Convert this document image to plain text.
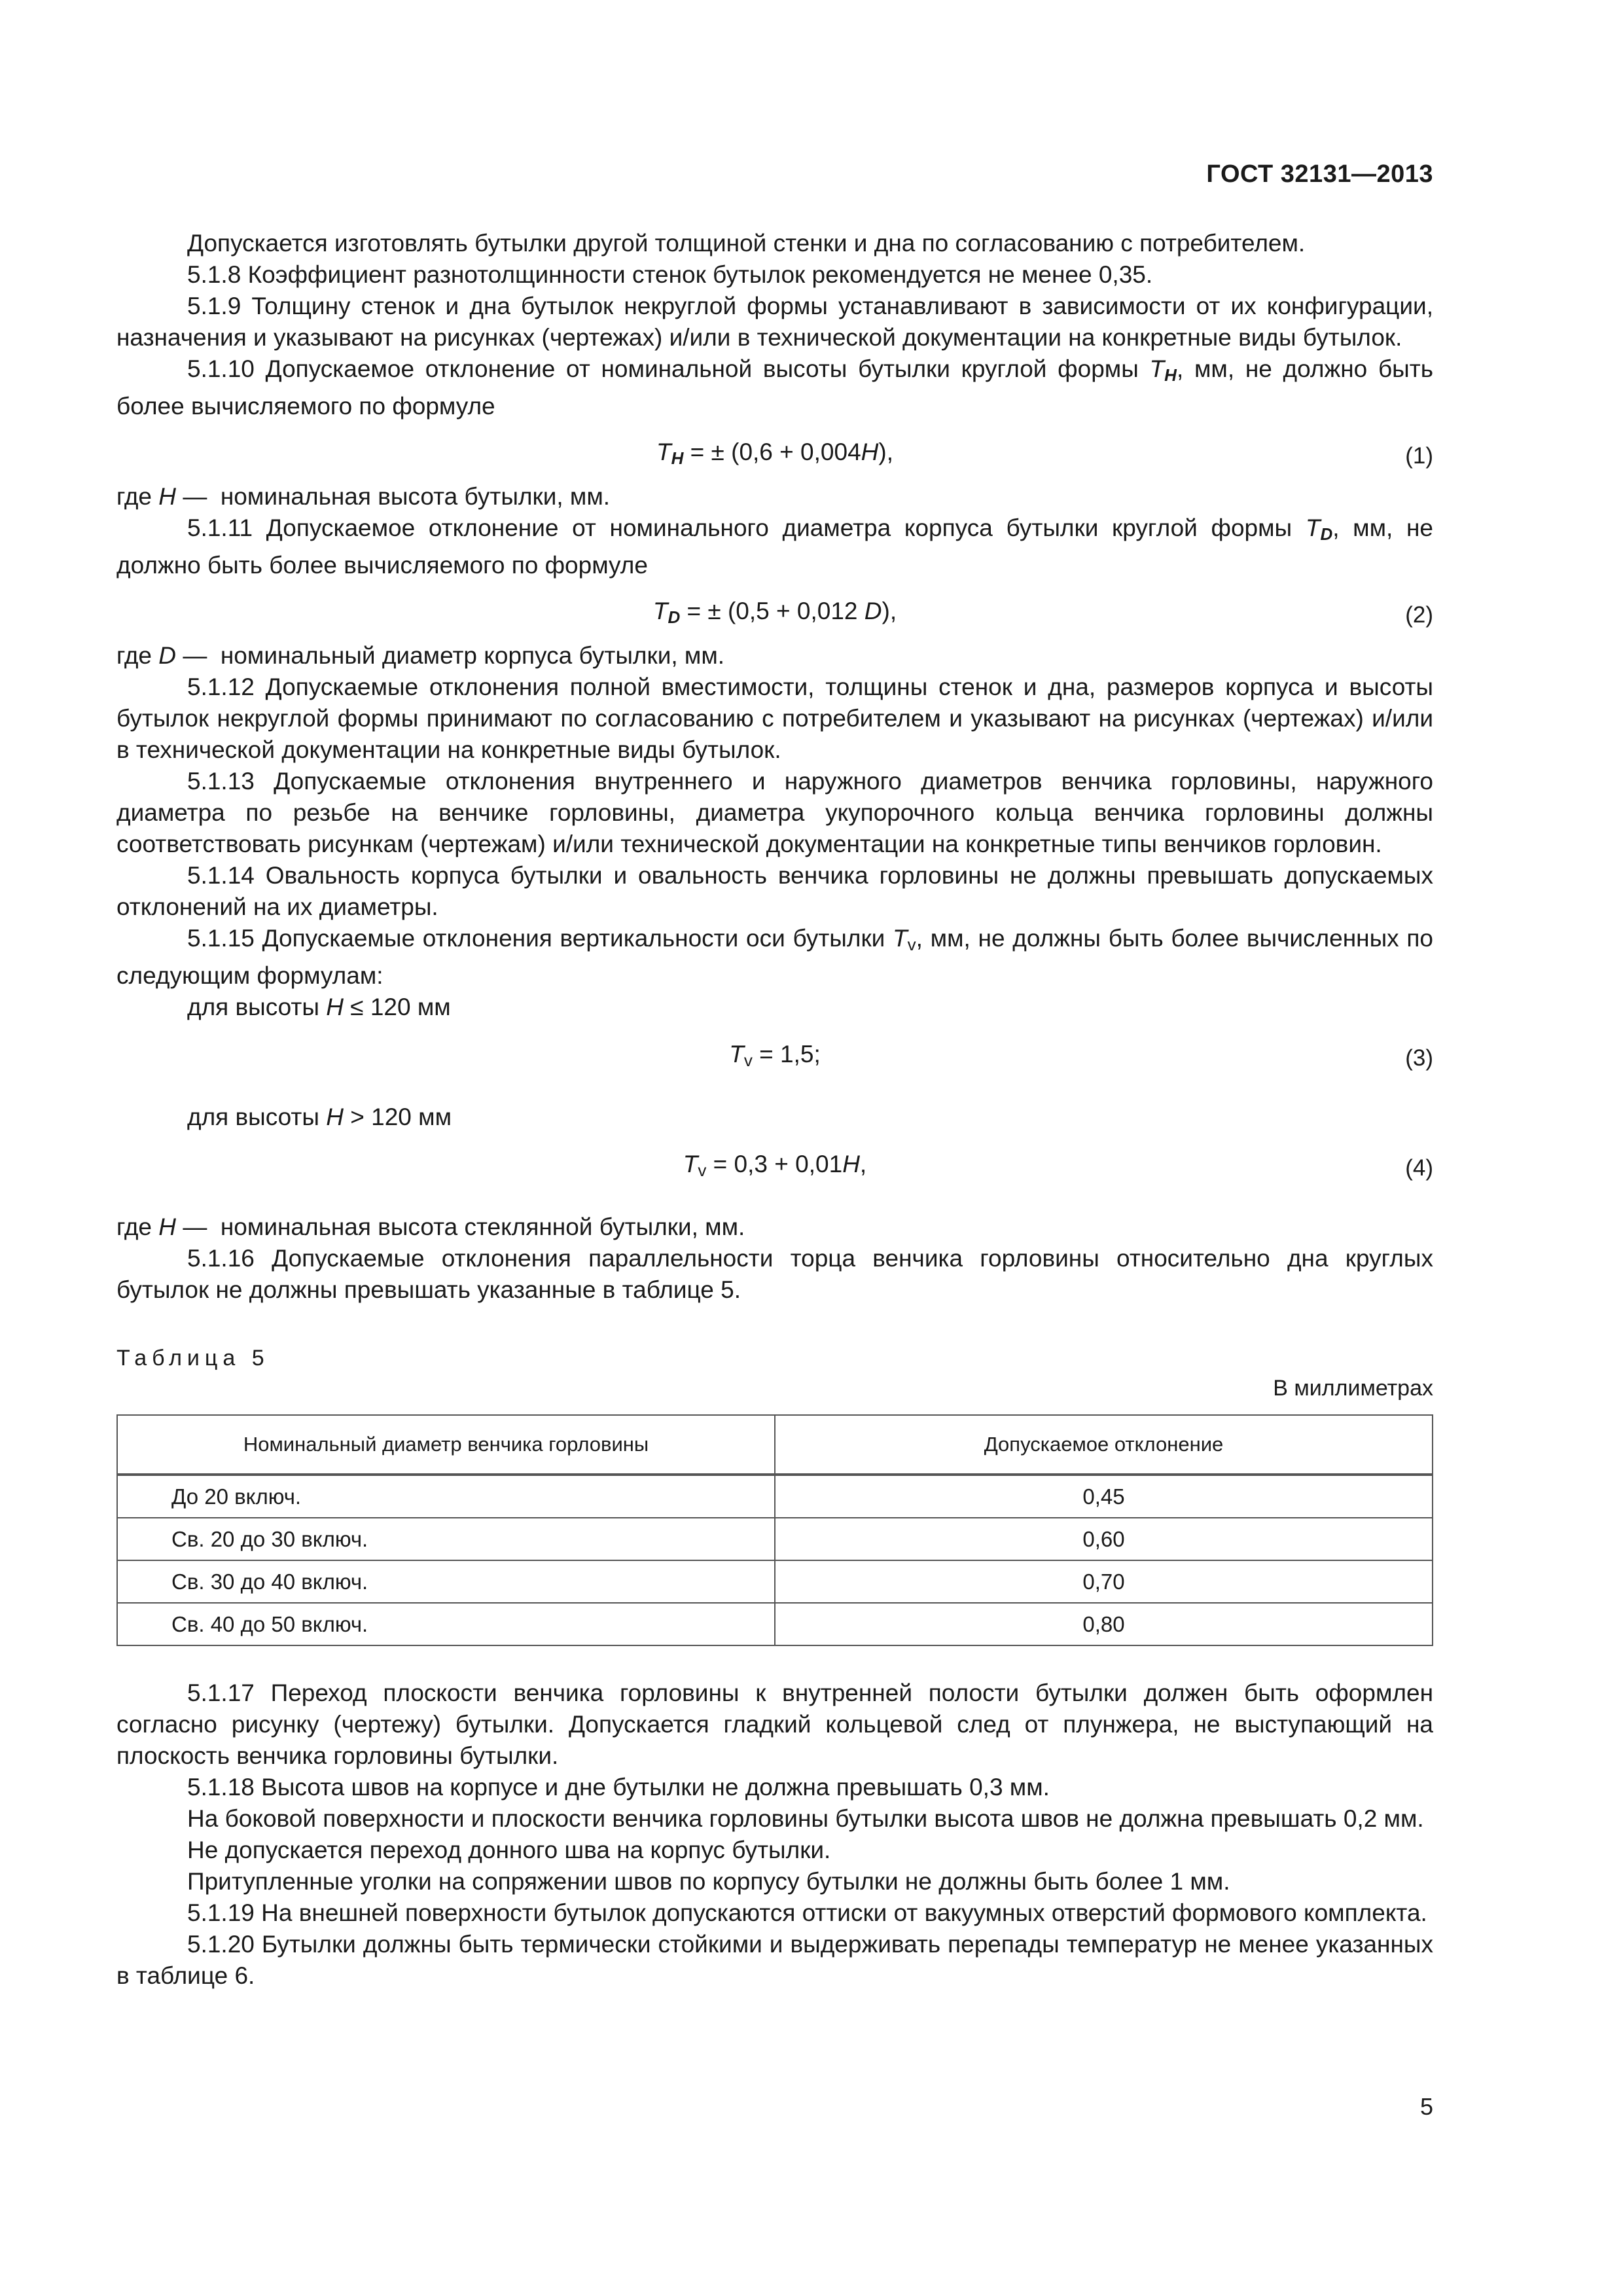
ГОСТ 32131—2013

Допускается изготовлять бутылки другой толщиной стенки и дна по согласованию с потребителем.

5.1.8 Коэффициент разнотолщинности стенок бутылок рекомендуется не менее 0,35.

5.1.9 Толщину стенок и дна бутылок некруглой формы устанавливают в зависимости от их конфигурации, назначения и указывают на рисунках (чертежах) и/или в технической документации на конкретные виды бутылок.

5.1.10 Допускаемое отклонение от номинальной высоты бутылки круглой формы $T_H$, мм, не должно быть более вычисляемого по формуле

$T_H$ = ± (0,6 + 0,004H),	(1)

где H — номинальная высота бутылки, мм.

5.1.11 Допускаемое отклонение от номинального диаметра корпуса бутылки круглой формы $T_D$, мм, не должно быть более вычисляемого по формуле

$T_D$ = ± (0,5 + 0,012 D),	(2)

где D — номинальный диаметр корпуса бутылки, мм.

5.1.12 Допускаемые отклонения полной вместимости, толщины стенок и дна, размеров корпуса и высоты бутылок некруглой формы принимают по согласованию с потребителем и указывают на рисунках (чертежах) и/или в технической документации на конкретные виды бутылок.

5.1.13 Допускаемые отклонения внутреннего и наружного диаметров венчика горловины, наружного диаметра по резьбе на венчике горловины, диаметра укупорочного кольца венчика горловины должны соответствовать рисункам (чертежам) и/или технической документации на конкретные типы венчиков горловин.

5.1.14 Овальность корпуса бутылки и овальность венчика горловины не должны превышать допускаемых отклонений на их диаметры.

5.1.15 Допускаемые отклонения вертикальности оси бутылки Tv, мм, не должны быть более вычисленных по следующим формулам:

для высоты H ≤ 120 мм

Tv = 1,5;	(3)

для высоты H > 120 мм

Tv = 0,3 + 0,01H,	(4)

где H — номинальная высота стеклянной бутылки, мм.

5.1.16 Допускаемые отклонения параллельности торца венчика горловины относительно дна круглых бутылок не должны превышать указанные в таблице 5.

Таблица 5
В миллиметрах
Номинальный диаметр венчика горловины	Допускаемое отклонение
До 20 включ.	0,45
Св. 20 до 30 включ.	0,60
Св. 30 до 40 включ.	0,70
Св. 40 до 50 включ.	0,80

5.1.17 Переход плоскости венчика горловины к внутренней полости бутылки должен быть оформлен согласно рисунку (чертежу) бутылки. Допускается гладкий кольцевой след от плунжера, не выступающий на плоскость венчика горловины бутылки.

5.1.18 Высота швов на корпусе и дне бутылки не должна превышать 0,3 мм.

На боковой поверхности и плоскости венчика горловины бутылки высота швов не должна превышать 0,2 мм.

Не допускается переход донного шва на корпус бутылки.

Притупленные уголки на сопряжении швов по корпусу бутылки не должны быть более 1 мм.

5.1.19 На внешней поверхности бутылок допускаются оттиски от вакуумных отверстий формового комплекта.

5.1.20 Бутылки должны быть термически стойкими и выдерживать перепады температур не менее указанных в таблице 6.

5
